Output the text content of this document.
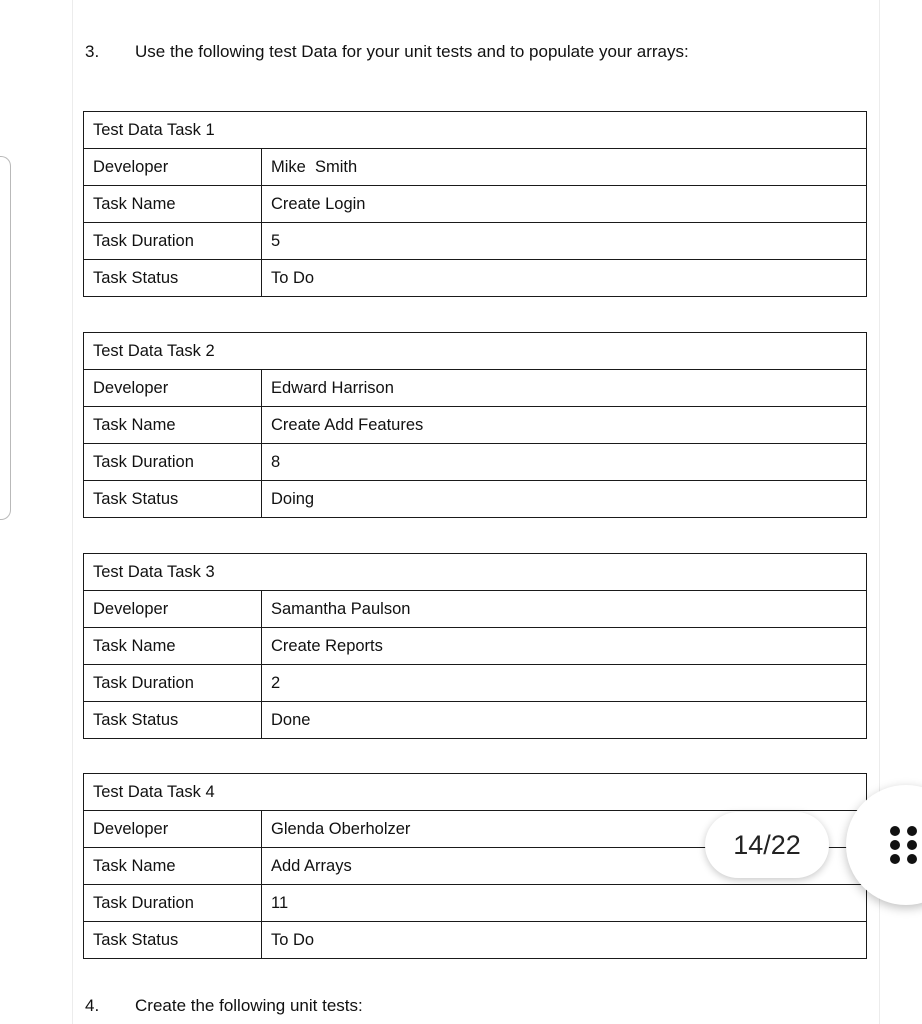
3. Use the following test Data for your unit tests and to populate your arrays:
Test Data Task 1	
Developer	Mike  Smith
Task Name	Create Login
Task Duration	5
Task Status	To Do
Test Data Task 2	
Developer	Edward Harrison
Task Name	Create Add Features
Task Duration	8
Task Status	Doing
Test Data Task 3	
Developer	Samantha Paulson
Task Name	Create Reports
Task Duration	2
Task Status	Done
Test Data Task 4	
Developer	Glenda Oberholzer
Task Name	Add Arrays
Task Duration	11
Task Status	To Do
4. Create the following unit tests:
14/22
